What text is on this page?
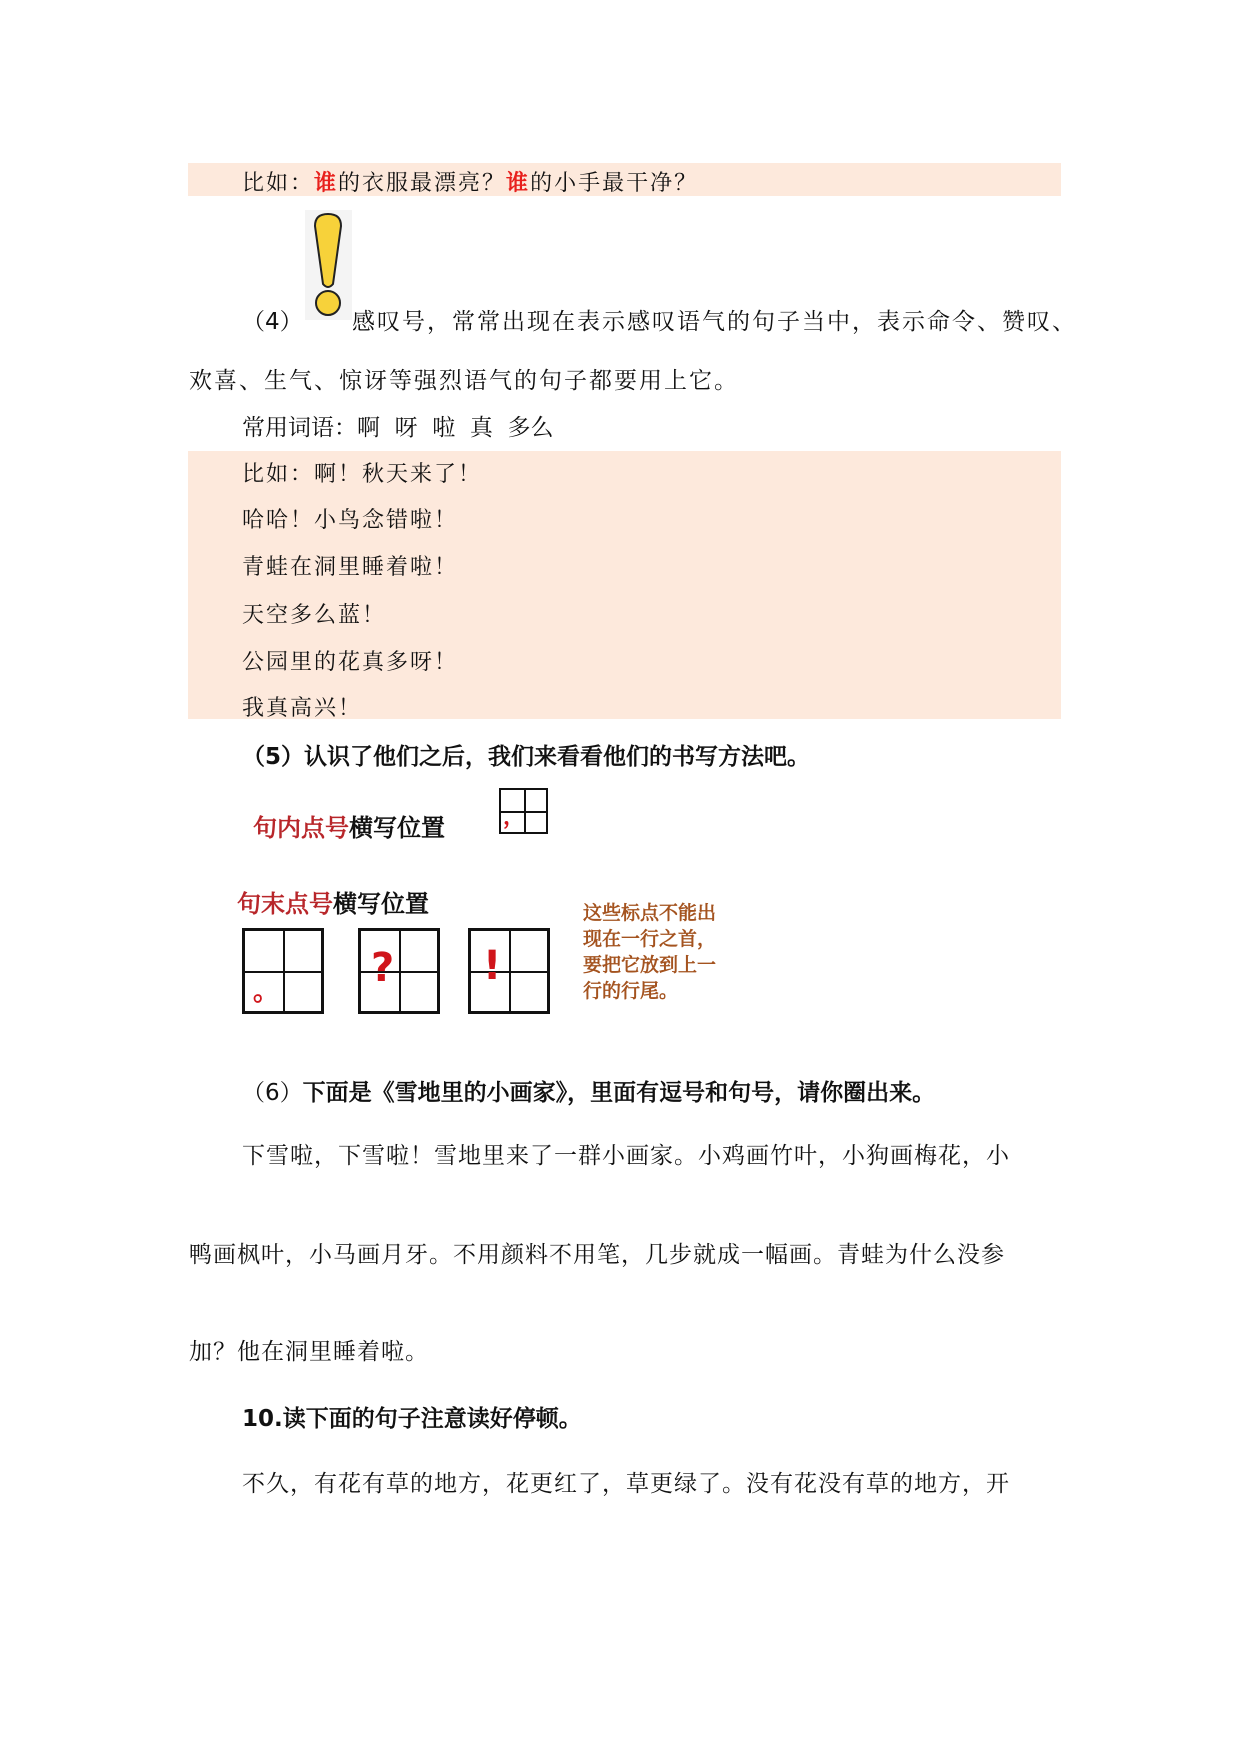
比如：谁的衣服最漂亮？谁的小手最干净？
（4） 感叹号，常常出现在表示感叹语气的句子当中，表示命令、赞叹、
欢喜、生气、惊讶等强烈语气的句子都要用上它。
常用词语：啊  呀  啦  真  多么
比如：啊！秋天来了！
哈哈！小鸟念错啦！
青蛙在洞里睡着啦！
天空多么蓝！
公园里的花真多呀！
我真高兴！
（5）认识了他们之后，我们来看看他们的书写方法吧。
句内点号横写位置	，
句末点号横写位置
。
? !
这些标点不能出
现在一行之首，
要把它放到上一
行的行尾。
（6）下面是《雪地里的小画家》，里面有逗号和句号，请你圈出来。
下雪啦，下雪啦！雪地里来了一群小画家。小鸡画竹叶，小狗画梅花，小
鸭画枫叶，小马画月牙。不用颜料不用笔，几步就成一幅画。青蛙为什么没参
加？他在洞里睡着啦。
10.读下面的句子注意读好停顿。
不久，有花有草的地方，花更红了，草更绿了。没有花没有草的地方，开
